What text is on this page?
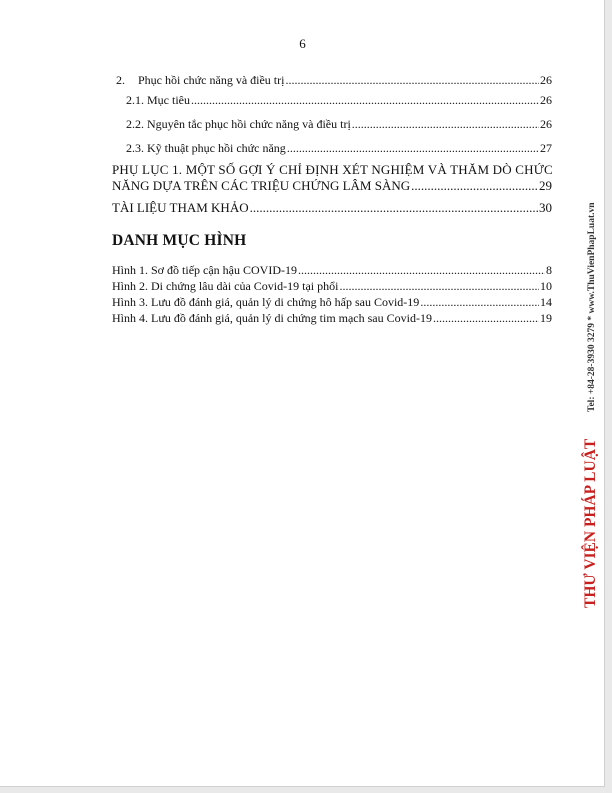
6
2. Phục hồi chức năng và điều trị .....	26
2.1. Mục tiêu .....	26
2.2. Nguyên tắc phục hồi chức năng và điều trị .....	26
2.3. Kỹ thuật phục hồi chức năng .....	27
PHỤ LỤC 1. MỘT SỐ GỢI Ý CHỈ ĐỊNH XÉT NGHIỆM VÀ THĂM DÒ CHỨC
NĂNG DỰA TRÊN CÁC TRIỆU CHỨNG LÂM SÀNG .....	29
TÀI LIỆU THAM KHẢO .....	30
DANH MỤC HÌNH
Hình 1. Sơ đồ tiếp cận hậu COVID-19 .....	8
Hình 2. Di chứng lâu dài của Covid-19 tại phổi .....	10
Hình 3. Lưu đồ đánh giá, quản lý di chứng hô hấp sau Covid-19 .....	14
Hình 4. Lưu đồ đánh giá, quản lý di chứng tim mạch sau Covid-19 .....	19
THƯ VIỆN PHÁP LUẬT
Tel: +84-28-3930 3279 * www.ThuVienPhapLuat.vn
